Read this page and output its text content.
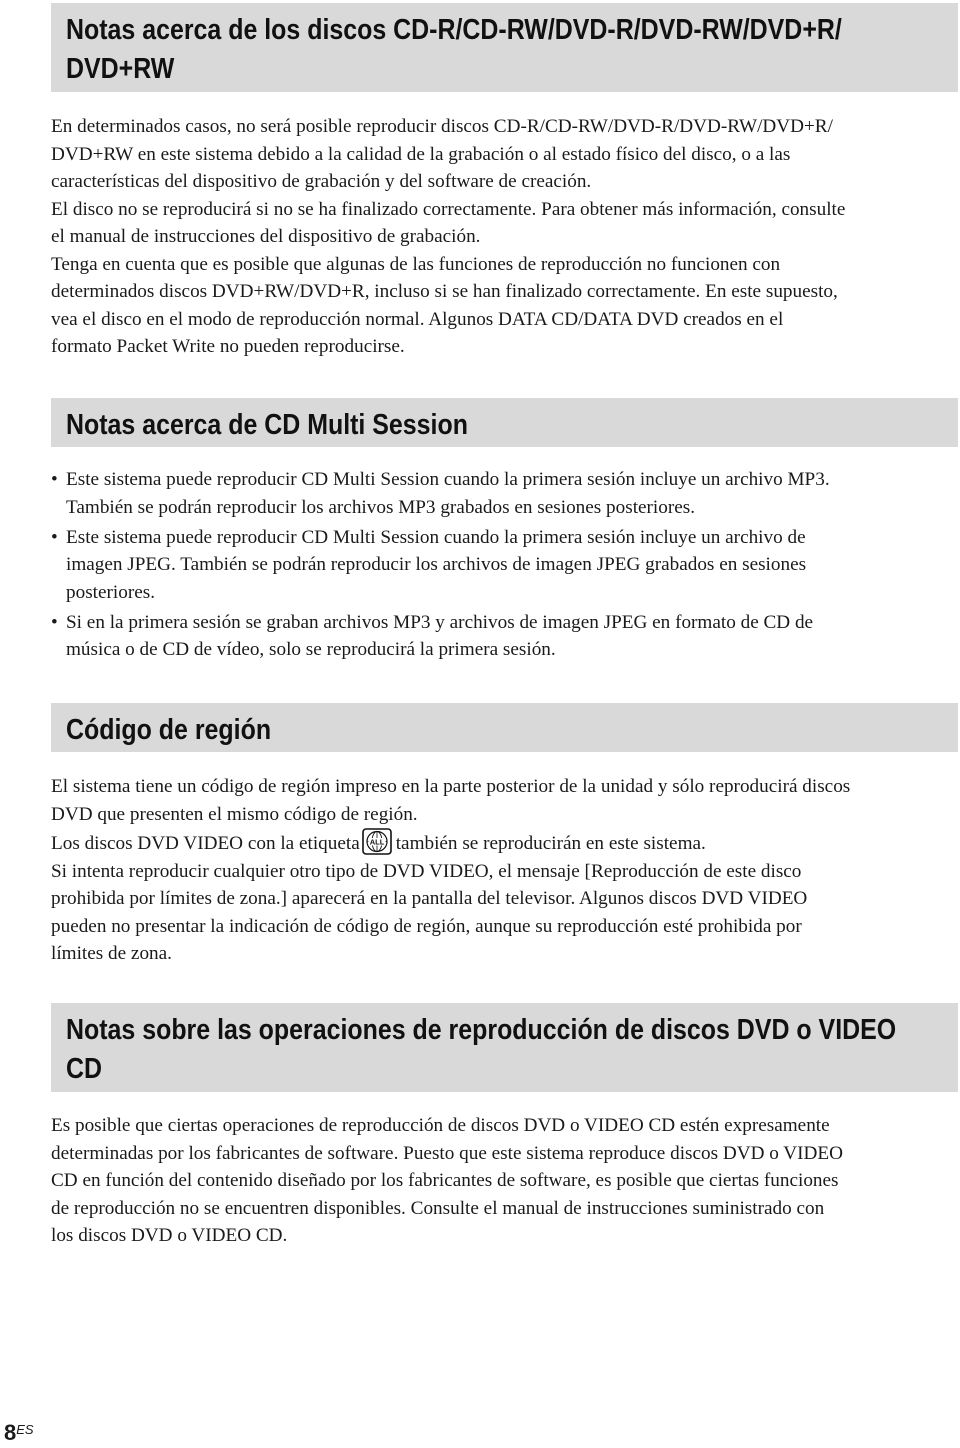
Notas acerca de los discos CD-R/CD-RW/DVD-R/DVD-RW/DVD+R/
DVD+RW

En determinados casos, no será posible reproducir discos CD-R/CD-RW/DVD-R/DVD-RW/DVD+R/
DVD+RW en este sistema debido a la calidad de la grabación o al estado físico del disco, o a las
características del dispositivo de grabación y del software de creación.
El disco no se reproducirá si no se ha finalizado correctamente. Para obtener más información, consulte
el manual de instrucciones del dispositivo de grabación.
Tenga en cuenta que es posible que algunas de las funciones de reproducción no funcionen con
determinados discos DVD+RW/DVD+R, incluso si se han finalizado correctamente. En este supuesto,
vea el disco en el modo de reproducción normal. Algunos DATA CD/DATA DVD creados en el
formato Packet Write no pueden reproducirse.

Notas acerca de CD Multi Session
• Este sistema puede reproducir CD Multi Session cuando la primera sesión incluye un archivo MP3.
También se podrán reproducir los archivos MP3 grabados en sesiones posteriores.
• Este sistema puede reproducir CD Multi Session cuando la primera sesión incluye un archivo de
imagen JPEG. También se podrán reproducir los archivos de imagen JPEG grabados en sesiones
posteriores.
• Si en la primera sesión se graban archivos MP3 y archivos de imagen JPEG en formato de CD de
música o de CD de vídeo, solo se reproducirá la primera sesión.
Código de región

El sistema tiene un código de región impreso en la parte posterior de la unidad y sólo reproducirá discos
DVD que presenten el mismo código de región.
Los discos DVD VIDEO con la etiqueta ALL también se reproducirán en este sistema.
Si intenta reproducir cualquier otro tipo de DVD VIDEO, el mensaje [Reproducción de este disco
prohibida por límites de zona.] aparecerá en la pantalla del televisor. Algunos discos DVD VIDEO
pueden no presentar la indicación de código de región, aunque su reproducción esté prohibida por
límites de zona.

Notas sobre las operaciones de reproducción de discos DVD o VIDEO
CD

Es posible que ciertas operaciones de reproducción de discos DVD o VIDEO CD estén expresamente
determinadas por los fabricantes de software. Puesto que este sistema reproduce discos DVD o VIDEO
CD en función del contenido diseñado por los fabricantes de software, es posible que ciertas funciones
de reproducción no se encuentren disponibles. Consulte el manual de instrucciones suministrado con
los discos DVD o VIDEO CD.

$8^{ES}$
